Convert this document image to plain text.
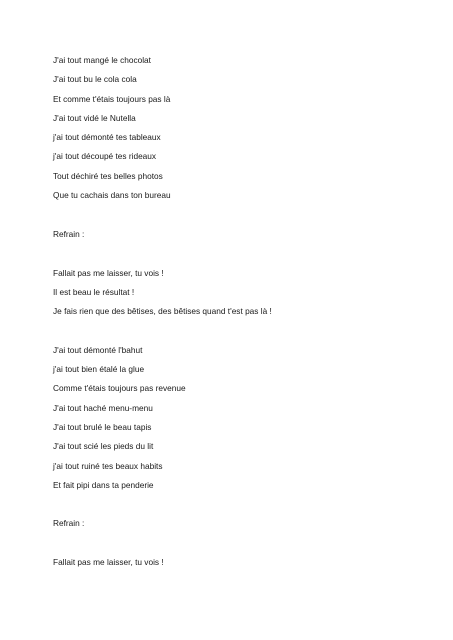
J'ai tout mangé le chocolat
J'ai tout bu le cola cola
Et comme t'étais toujours pas là
J'ai tout vidé le Nutella
j'ai tout démonté tes tableaux
j'ai tout découpé tes rideaux
Tout déchiré tes belles photos
Que tu cachais dans ton bureau
Refrain :
Fallait pas me laisser, tu vois !
Il est beau le résultat !
Je fais rien que des bêtises, des bêtises quand t'est pas là !
J'ai tout démonté l'bahut
j'ai tout bien étalé la glue
Comme t'étais toujours pas revenue
J'ai tout haché menu-menu
J'ai tout brulé le beau tapis
J'ai tout scié les pieds du lit
j'ai tout ruiné tes beaux habits
Et fait pipi dans ta penderie
Refrain :
Fallait pas me laisser, tu vois !
